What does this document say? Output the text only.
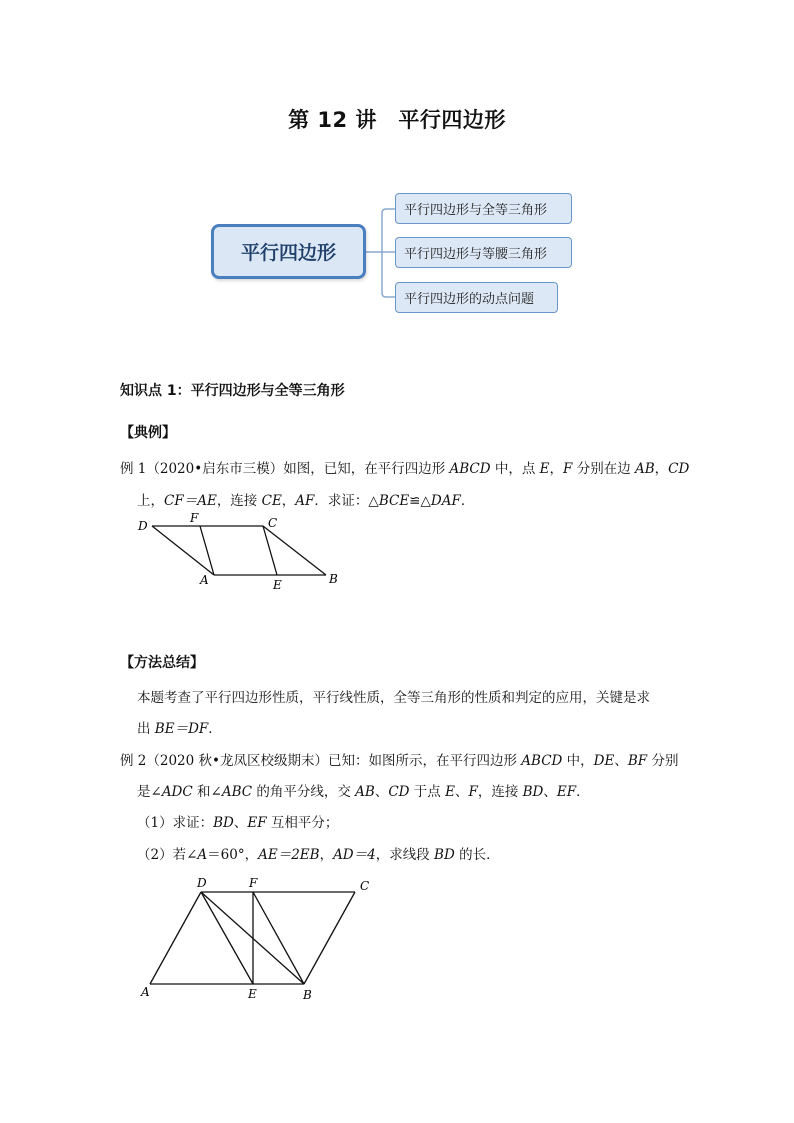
第 12 讲　平行四边形
平行四边形
平行四边形与全等三角形
平行四边形与等腰三角形
平行四边形的动点问题
知识点 1：平行四边形与全等三角形
【典例】
例 1（2020•启东市三模）如图，已知，在平行四边形 ABCD 中，点 E，F 分别在边 AB，CD
上，CF＝AE，连接 CE，AF．求证：△BCE≌△DAF．
D
F	C
A	E	B
【方法总结】
本题考查了平行四边形性质，平行线性质，全等三角形的性质和判定的应用，关键是求
出 BE＝DF．
例 2（2020 秋•龙凤区校级期末）已知：如图所示，在平行四边形 ABCD 中，DE、BF 分别
是∠ADC 和∠ABC 的角平分线，交 AB、CD 于点 E、F，连接 BD、EF．
（1）求证：BD、EF 互相平分；
（2）若∠A＝60°，AE＝2EB，AD＝4，求线段 BD 的长．
D	F	C
A	E	B
